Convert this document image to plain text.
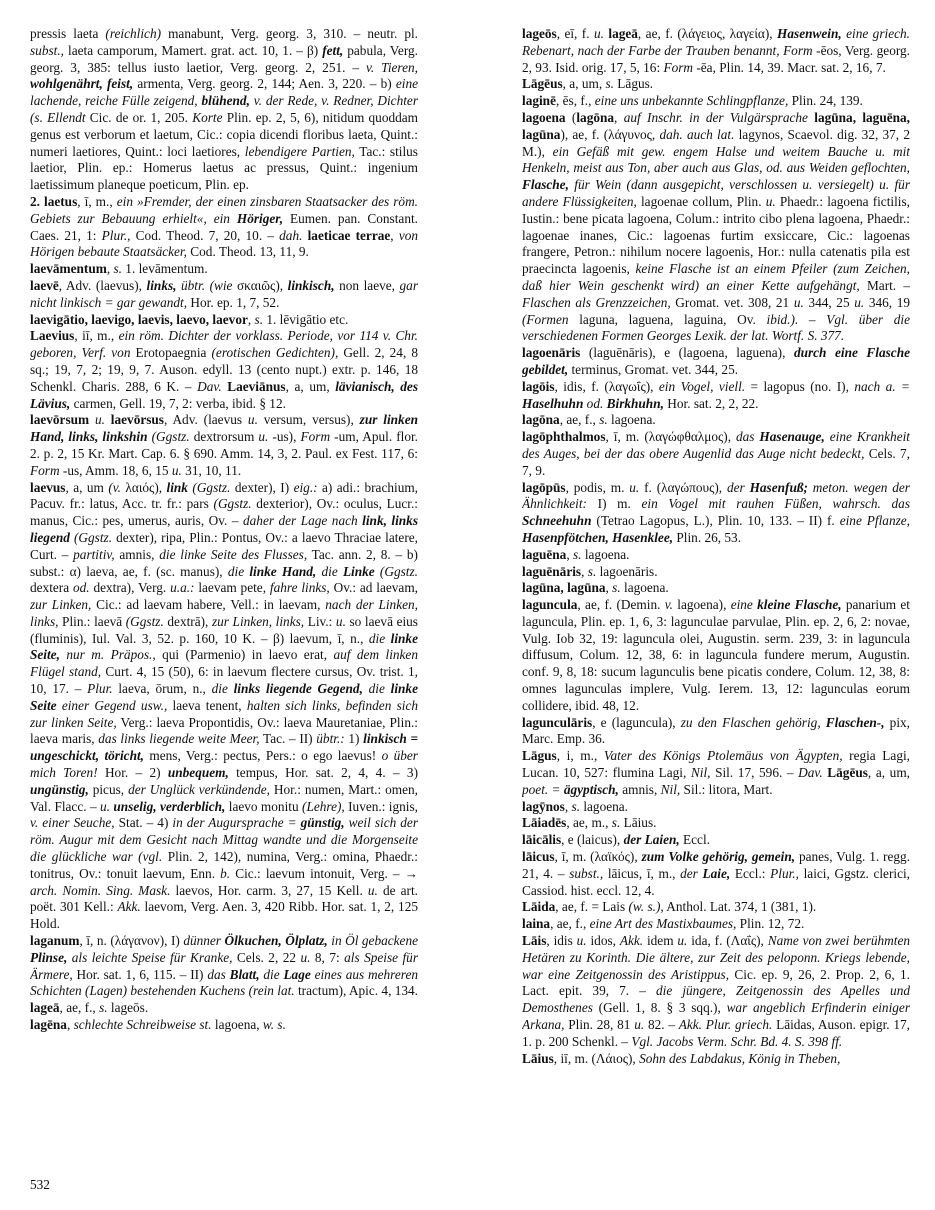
pressis laeta (reichlich) manabunt, Verg. georg. 3, 310. – neutr. pl. subst., laeta camporum, Mamert. grat. act. 10, 1. – β) fett, pabula, Verg. georg. 3, 385: tellus iusto laetior, Verg. georg. 2, 251. – v. Tieren, wohlgenährt, feist, armenta, Verg. georg. 2, 144; Aen. 3, 220. – b) eine lachende, reiche Fülle zeigend, blühend, v. der Rede, v. Redner, Dichter (s. Ellendt Cic. de or. 1, 205. Korte Plin. ep. 2, 5, 6), nitidum quoddam genus est verborum et laetum, Cic.: copia dicendi floribus laeta, Quint.: numeri laetiores, Quint.: loci laetiores, lebendigere Partien, Tac.: stilus laetior, Plin. ep.: Homerus laetus ac pressus, Quint.: ingenium laetissimum planeque poeticum, Plin. ep.

2. laetus, ī, m., ein »Fremder, der einen zinsbaren Staatsacker des röm. Gebiets zur Bebauung erhielt«, ein Höriger, Eumen. pan. Constant. Caes. 21, 1: Plur., Cod. Theod. 7, 20, 10. – dah. laeticae terrae, von Hörigen bebaute Staatsäcker, Cod. Theod. 13, 11, 9.

laevāmentum, s. 1. levāmentum.

laevē, Adv. (laevus), links, übtr. (wie σκαιῶς), linkisch, non laeve, gar nicht linkisch = gar gewandt, Hor. ep. 1, 7, 52.

laevigātio, laevigo, laevis, laevo, laevor, s. 1. lēvigātio etc.

Laevius, iī, m., ein röm. Dichter der vorklass. Periode, vor 114 v. Chr. geboren, Verf. von Erotopaegnia (erotischen Gedichten), Gell. 2, 24, 8 sq.; 19, 7, 2; 19, 9, 7. Auson. edyll. 13 (cento nupt.) extr. p. 146, 18 Schenkl. Charis. 288, 6 K. – Dav. Laeviānus, a, um, lävianisch, des Lävius, carmen, Gell. 19, 7, 2: verba, ibid. § 12.

laevōrsum u. laevōrsus, Adv. (laevus u. versum, versus), zur linken Hand, links, linkshin (Ggstz. dextrorsum u. -us), Form -um, Apul. flor. 2. p. 2, 15 Kr. Mart. Cap. 6. § 690. Amm. 14, 3, 2. Paul. ex Fest. 117, 6: Form -us, Amm. 18, 6, 15 u. 31, 10, 11.

laevus, a, um (v. λαιός), link (Ggstz. dexter), I) eig.: a) adi.: brachium, Pacuv. fr.: latus, Acc. tr. fr.: pars (Ggstz. dexterior), Ov.: oculus, Lucr.: manus, Cic.: pes, umerus, auris, Ov. – daher der Lage nach link, links liegend (Ggstz. dexter), ripa, Plin.: Pontus, Ov.: a laevo Thraciae latere, Curt. – partitiv, amnis, die linke Seite des Flusses, Tac. ann. 2, 8. – b) subst.: α) laeva, ae, f. (sc. manus), die linke Hand, die Linke (Ggstz. dextera od. dextra), Verg. u.a.: laevam pete, fahre links, Ov.: ad laevam, zur Linken, Cic.: ad laevam habere, Vell.: in laevam, nach der Linken, links, Plin.: laevā (Ggstz. dextrā), zur Linken, links, Liv.: u. so laevā eius (fluminis), Iul. Val. 3, 52. p. 160, 10 K. – β) laevum, ī, n., die linke Seite, nur m. Präpos., qui (Parmenio) in laevo erat, auf dem linken Flügel stand, Curt. 4, 15 (50), 6: in laevum flectere cursus, Ov. trist. 1, 10, 17. – Plur. laeva, ōrum, n., die links liegende Gegend, die linke Seite einer Gegend usw., laeva tenent, halten sich links, befinden sich zur linken Seite, Verg.: laeva Propontidis, Ov.: laeva Mauretaniae, Plin.: laeva maris, das links liegende weite Meer, Tac. – II) übtr.: 1) linkisch = ungeschickt, töricht, mens, Verg.: pectus, Pers.: o ego laevus! o über mich Toren! Hor. – 2) unbequem, tempus, Hor. sat. 2, 4, 4. – 3) ungünstig, picus, der Unglück verkündende, Hor.: numen, Mart.: omen, Val. Flacc. – u. unselig, verderblich, laevo monitu (Lehre), Iuven.: ignis, v. einer Seuche, Stat. – 4) in der Augursprache = günstig, weil sich der röm. Augur mit dem Gesicht nach Mittag wandte und die Morgenseite die glückliche war (vgl. Plin. 2, 142), numina, Verg.: omina, Phaedr.: tonitrus, Ov.: tonuit laevum, Enn. b. Cic.: laevum intonuit, Verg. – → arch. Nomin. Sing. Mask. laevos, Hor. carm. 3, 27, 15 Kell. u. de art. poët. 301 Kell.: Akk. laevom, Verg. Aen. 3, 420 Ribb. Hor. sat. 1, 2, 125 Hold.

laganum, ī, n. (λάγανον), I) dünner Ölkuchen, Ölplatz, in Öl gebackene Plinse, als leichte Speise für Kranke, Cels. 2, 22 u. 8, 7: als Speise für Ärmere, Hor. sat. 1, 6, 115. – II) das Blatt, die Lage eines aus mehreren Schichten (Lagen) bestehenden Kuchens (rein lat. tractum), Apic. 4, 134.

lageā, ae, f., s. lageōs.

lagēna, schlechte Schreibweise st. lagoena, w. s.

lageōs, eī, f. u. lageā, ae, f. (λάγειος, λαγεία), Hasenwein, eine griech. Rebenart, nach der Farbe der Trauben benannt, Form -ēos, Verg. georg. 2, 93. Isid. orig. 17, 5, 16: Form -ēa, Plin. 14, 39. Macr. sat. 2, 16, 7.

Lāgēus, a, um, s. Lāgus.

laginē, ēs, f., eine uns unbekannte Schlingpflanze, Plin. 24, 139.

lagoena (lagōna, auf Inschr. in der Vulgärsprache lagūna, laguēna, lagūna), ae, f. (λάγυνος, dah. auch lat. lagynos, Scaevol. dig. 32, 37, 2 M.), ein Gefäß mit gew. engem Halse und weitem Bauche u. mit Henkeln, meist aus Ton, aber auch aus Glas, od. aus Weiden geflochten, Flasche, für Wein (dann ausgepicht, verschlossen u. versiegelt) u. für andere Flüssigkeiten, lagoenae collum, Plin. u. Phaedr.: lagoena fictilis, Iustin.: bene picata lagoena, Colum.: intrito cibo plena lagoena, Phaedr.: lagoenae inanes, Cic.: lagoenas furtim exsiccare, Cic.: lagoenas frangere, Petron.: nihilum nocere lagoenis, Hor.: nulla catenatis pila est praecincta lagoenis, keine Flasche ist an einem Pfeiler (zum Zeichen, daß hier Wein geschenkt wird) an einer Kette aufgehängt, Mart. – Flaschen als Grenzzeichen, Gromat. vet. 308, 21 u. 344, 25 u. 346, 19 (Formen laguna, laguena, laguina, Ov. ibid.). – Vgl. über die verschiedenen Formen Georges Lexik. der lat. Wortf. S. 377.

lagoenāris (laguēnāris), e (lagoena, laguena), durch eine Flasche gebildet, terminus, Gromat. vet. 344, 25.

lagōis, idis, f. (λαγωΐς), ein Vogel, viell. = lagopus (no. I), nach a. = Haselhuhn od. Birkhuhn, Hor. sat. 2, 2, 22.

lagōna, ae, f., s. lagoena.

lagōphthalmos, ī, m. (λαγώφθαλμος), das Hasenauge, eine Krankheit des Auges, bei der das obere Augenlid das Auge nicht bedeckt, Cels. 7, 7, 9.

lagōpūs, podis, m. u. f. (λαγώπους), der Hasenfuß; meton. wegen der Ähnlichkeit: I) m. ein Vogel mit rauhen Füßen, wahrsch. das Schneehuhn (Tetrao Lagopus, L.), Plin. 10, 133. – II) f. eine Pflanze, Hasenpfötchen, Hasenklee, Plin. 26, 53.

laguēna, s. lagoena.

laguēnāris, s. lagoenāris.

lagūna, lagūna, s. lagoena.

laguncula, ae, f. (Demin. v. lagoena), eine kleine Flasche, panarium et laguncula, Plin. ep. 1, 6, 3: lagunculae parvulae, Plin. ep. 2, 6, 2: novae, Vulg. Iob 32, 19: laguncula olei, Augustin. serm. 239, 3: in laguncula diffusum, Colum. 12, 38, 6: in laguncula fundere merum, Augustin. conf. 9, 8, 18: sucum lagunculis bene picatis condere, Colum. 12, 38, 8: omnes lagunculas implere, Vulg. Ierem. 13, 12: lagunculas eorum collidere, ibid. 48, 12.

lagunculāris, e (laguncula), zu den Flaschen gehörig, Flaschen-, pix, Marc. Emp. 36.

Lāgus, i, m., Vater des Königs Ptolemäus von Ägypten, regia Lagi, Lucan. 10, 527: flumina Lagi, Nil, Sil. 17, 596. – Dav. Lāgēus, a, um, poet. = ägyptisch, amnis, Nil, Sil.: litora, Mart.

lagȳnos, s. lagoena.

Lāiadēs, ae, m., s. Lāius.

lāicālis, e (laicus), der Laien, Eccl.

lāicus, ī, m. (λαϊκός), zum Volke gehörig, gemein, panes, Vulg. 1. regg. 21, 4. – subst., lāicus, ī, m., der Laie, Eccl.: Plur., laici, Ggstz. clerici, Cassiod. hist. eccl. 12, 4.

Lāida, ae, f. = Lais (w. s.), Anthol. Lat. 374, 1 (381, 1).

laina, ae, f., eine Art des Mastixbaumes, Plin. 12, 72.

Lāis, idis u. idos, Akk. idem u. ida, f. (Λαΐς), Name von zwei berühmten Hetären zu Korinth. Die ältere, zur Zeit des peloponn. Kriegs lebende, war eine Zeitgenossin des Aristippus, Cic. ep. 9, 26, 2. Prop. 2, 6, 1. Lact. epit. 39, 7. – die jüngere, Zeitgenossin des Apelles und Demosthenes (Gell. 1, 8. § 3 sqq.), war angeblich Erfinderin einiger Arkana, Plin. 28, 81 u. 82. – Akk. Plur. griech. Lāidas, Auson. epigr. 17, 1. p. 200 Schenkl. – Vgl. Jacobs Verm. Schr. Bd. 4. S. 398 ff.

Lāius, iī, m. (Λάιος), Sohn des Labdakus, König in Theben,

532
